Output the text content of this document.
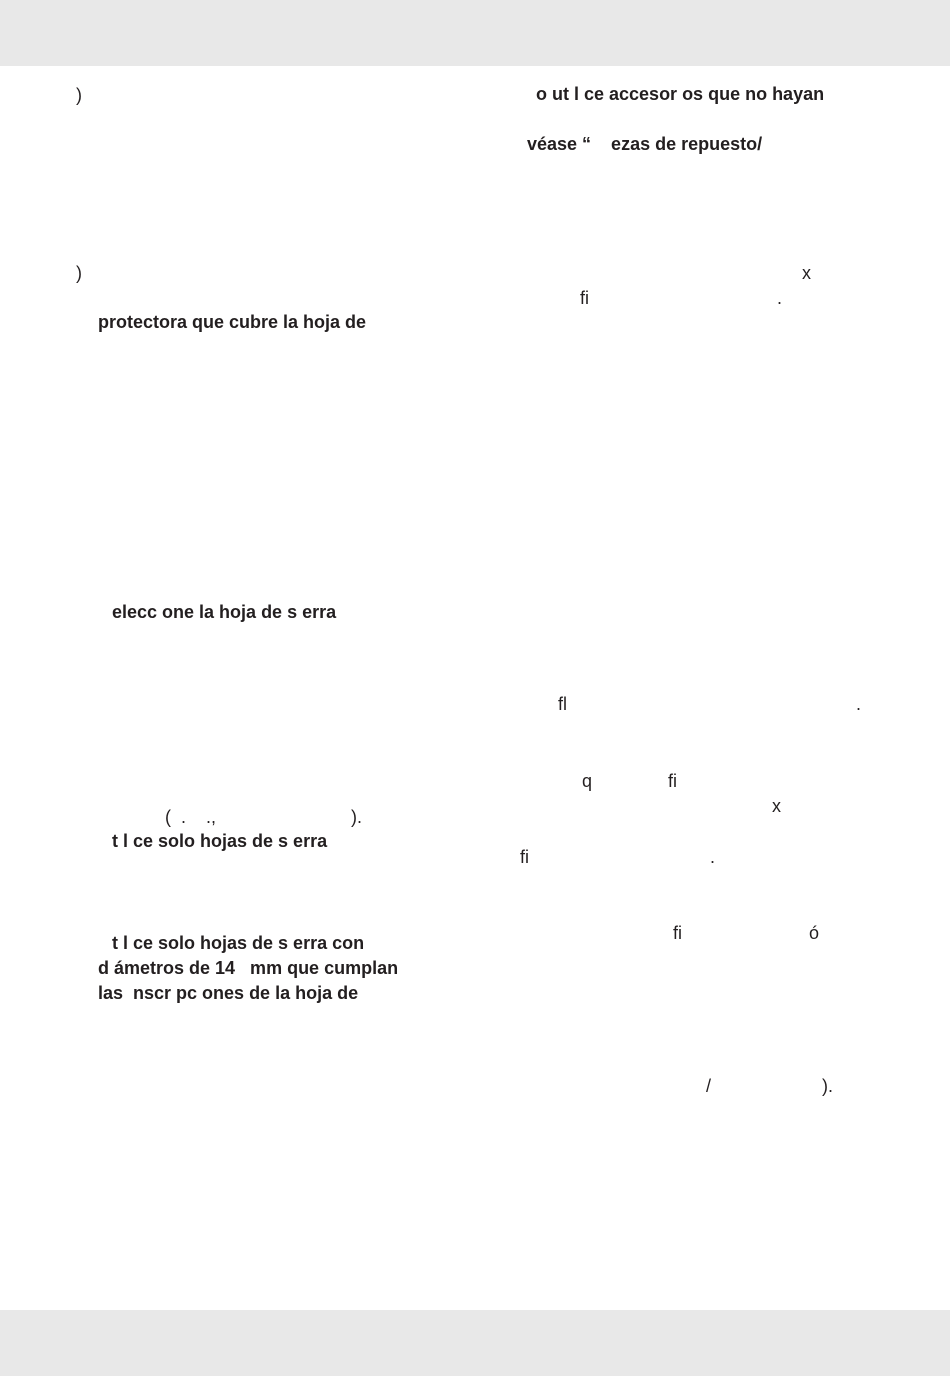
)
)
protectora que cubre la hoja de
elecc one la hoja de s erra
(  .    .,                           ).
t l ce solo hojas de s erra
t l ce solo hojas de s erra con
d ámetros de 14   mm que cumplan
las  nscr pc ones de la hoja de
o ut l ce accesor os que no hayan
véase “    ezas de repuesto/
x
fi	.
fl	.
q	fi
x
fi	.
fi	ó
/	).
